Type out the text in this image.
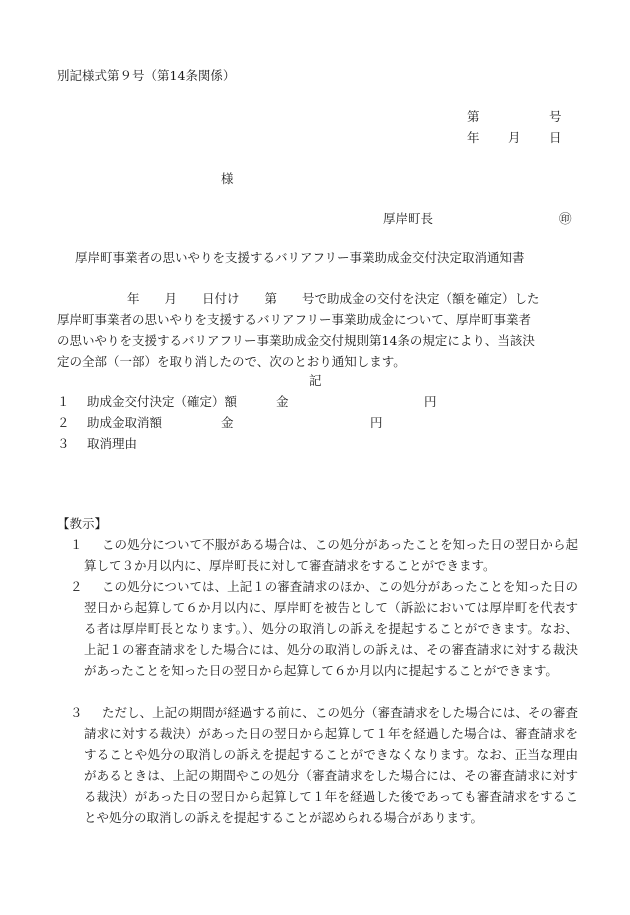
別記様式第９号（第14条関係）
第	号
年 月 日
様
厚岸町長	㊞
厚岸町事業者の思いやりを支援するバリアフリー事業助成金交付決定取消通知書
年　　月　　日付け　　第　　号で助成金の交付を決定（額を確定）した
厚岸町事業者の思いやりを支援するバリアフリー事業助成金について、厚岸町事業者
の思いやりを支援するバリアフリー事業助成金交付規則第14条の規定により、当該決
定の全部（一部）を取り消したので、次のとおり通知します。
記
１ 助成金交付決定（確定）額	金	円
２ 助成金取消額	金	円
３ 取消理由
【教示】
１	この処分について不服がある場合は、この処分があったことを知った日の翌日から起算して３か月以内に、厚岸町長に対して審査請求をすることができます。
２	この処分については、上記１の審査請求のほか、この処分があったことを知った日の翌日から起算して６か月以内に、厚岸町を被告として（訴訟においては厚岸町を代表する者は厚岸町長となります。）、処分の取消しの訴えを提起することができます。なお、上記１の審査請求をした場合には、処分の取消しの訴えは、その審査請求に対する裁決があったことを知った日の翌日から起算して６か月以内に提起することができます。
３	ただし、上記の期間が経過する前に、この処分（審査請求をした場合には、その審査請求に対する裁決）があった日の翌日から起算して１年を経過した場合は、審査請求をすることや処分の取消しの訴えを提起することができなくなります。なお、正当な理由があるときは、上記の期間やこの処分（審査請求をした場合には、その審査請求に対する裁決）があった日の翌日から起算して１年を経過した後であっても審査請求をすることや処分の取消しの訴えを提起することが認められる場合があります。
